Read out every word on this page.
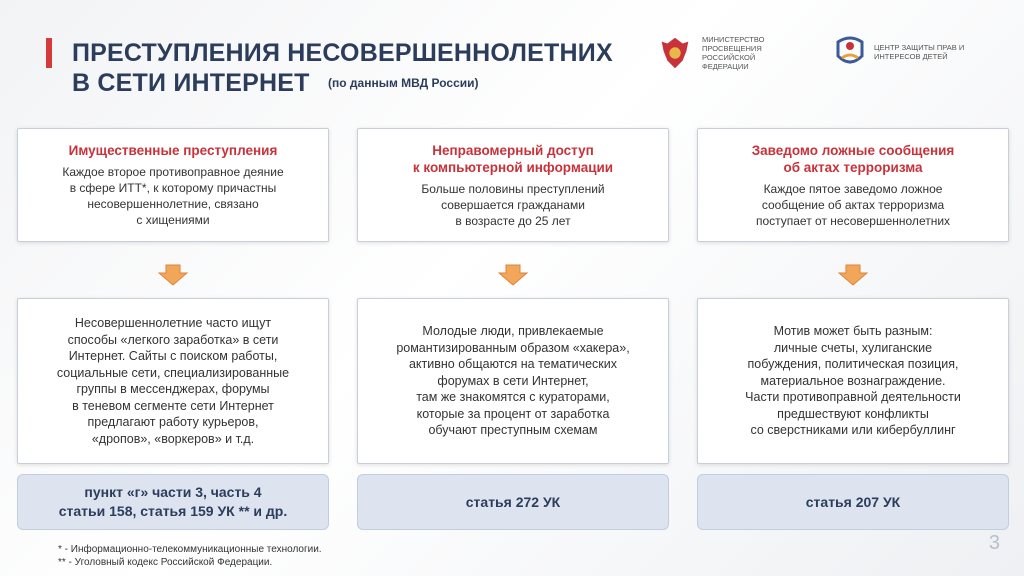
ПРЕСТУПЛЕНИЯ НЕСОВЕРШЕННОЛЕТНИХ
В СЕТИ ИНТЕРНЕТ	(по данным МВД России)
МИНИСТЕРСТВО ПРОСВЕЩЕНИЯ РОССИЙСКОЙ ФЕДЕРАЦИИ
ЦЕНТР ЗАЩИТЫ ПРАВ И ИНТЕРЕСОВ ДЕТЕЙ
Имущественные преступления

Каждое второе противоправное деяние
в сфере ИТТ*, к которому причастны
несовершеннолетние, связано
с хищениями

Несовершеннолетние часто ищут
способы «легкого заработка» в сети
Интернет. Сайты с поиском работы,
социальные сети, специализированные
группы в мессенджерах, форумы
в теневом сегменте сети Интернет
предлагают работу курьеров,
«дропов», «воркеров» и т.д.

пункт «г» части 3, часть 4
статьи 158, статья 159 УК ** и др.
Неправомерный доступ
к компьютерной информации

Больше половины преступлений
совершается гражданами
в возрасте до 25 лет

Молодые люди, привлекаемые
романтизированным образом «хакера»,
активно общаются на тематических
форумах в сети Интернет,
там же знакомятся с кураторами,
которые за процент от заработка
обучают преступным схемам

статья 272 УК
Заведомо ложные сообщения
об актах терроризма

Каждое пятое заведомо ложное
сообщение об актах терроризма
поступает от несовершеннолетних

Мотив может быть разным:
личные счеты, хулиганские
побуждения, политическая позиция,
материальное вознаграждение.
Части противоправной деятельности
предшествуют конфликты
со сверстниками или кибербуллинг

статья 207 УК
* - Информационно-телекоммуникационные технологии.
** - Уголовный кодекс Российской Федерации.
3
